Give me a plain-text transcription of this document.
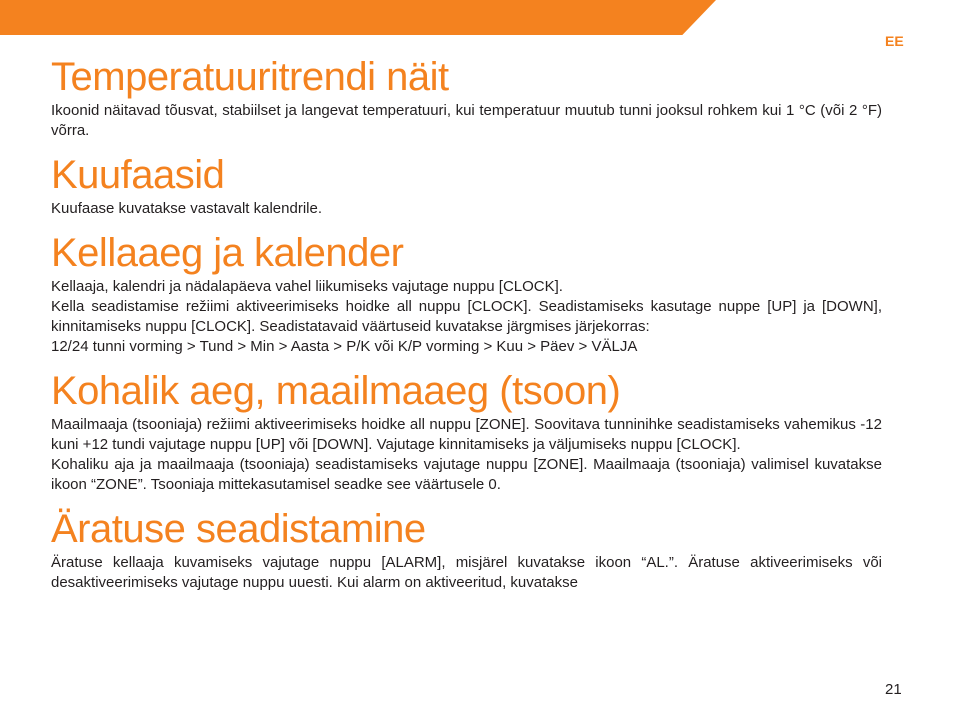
EE
Temperatuuritrendi näit

Ikoonid näitavad tõusvat, stabiilset ja langevat temperatuuri, kui temperatuur muutub tunni jooksul rohkem kui 1 °C (või 2 °F) võrra.

Kuufaasid

Kuufaase kuvatakse vastavalt kalendrile.

Kellaaeg ja kalender

Kellaaja, kalendri ja nädalapäeva vahel liikumiseks vajutage nuppu [CLOCK].

Kella seadistamise režiimi aktiveerimiseks hoidke all nuppu [CLOCK]. Seadistamiseks kasutage nuppe [UP] ja [DOWN], kinnitamiseks nuppu [CLOCK]. Seadistatavaid väärtuseid kuvatakse järgmises järjekorras:

12/24 tunni vorming > Tund > Min > Aasta > P/K või K/P vorming > Kuu > Päev > VÄLJA

Kohalik aeg, maailmaaeg (tsoon)

Maailmaaja (tsooniaja) režiimi aktiveerimiseks hoidke all nuppu [ZONE]. Soovitava tunninihke seadistamiseks vahemikus -12 kuni +12 tundi vajutage nuppu [UP] või [DOWN]. Vajutage kinnitamiseks ja väljumiseks nuppu [CLOCK].

Kohaliku aja ja maailmaaja (tsooniaja) seadistamiseks vajutage nuppu [ZONE]. Maailmaaja (tsooniaja) valimisel kuvatakse ikoon “ZONE”. Tsooniaja mittekasutamisel seadke see väärtusele 0.

Äratuse seadistamine

Äratuse kellaaja kuvamiseks vajutage nuppu [ALARM], misjärel kuvatakse ikoon “AL.”. Äratuse aktiveerimiseks või desaktiveerimiseks vajutage nuppu uuesti. Kui alarm on aktiveeritud, kuvatakse

21
